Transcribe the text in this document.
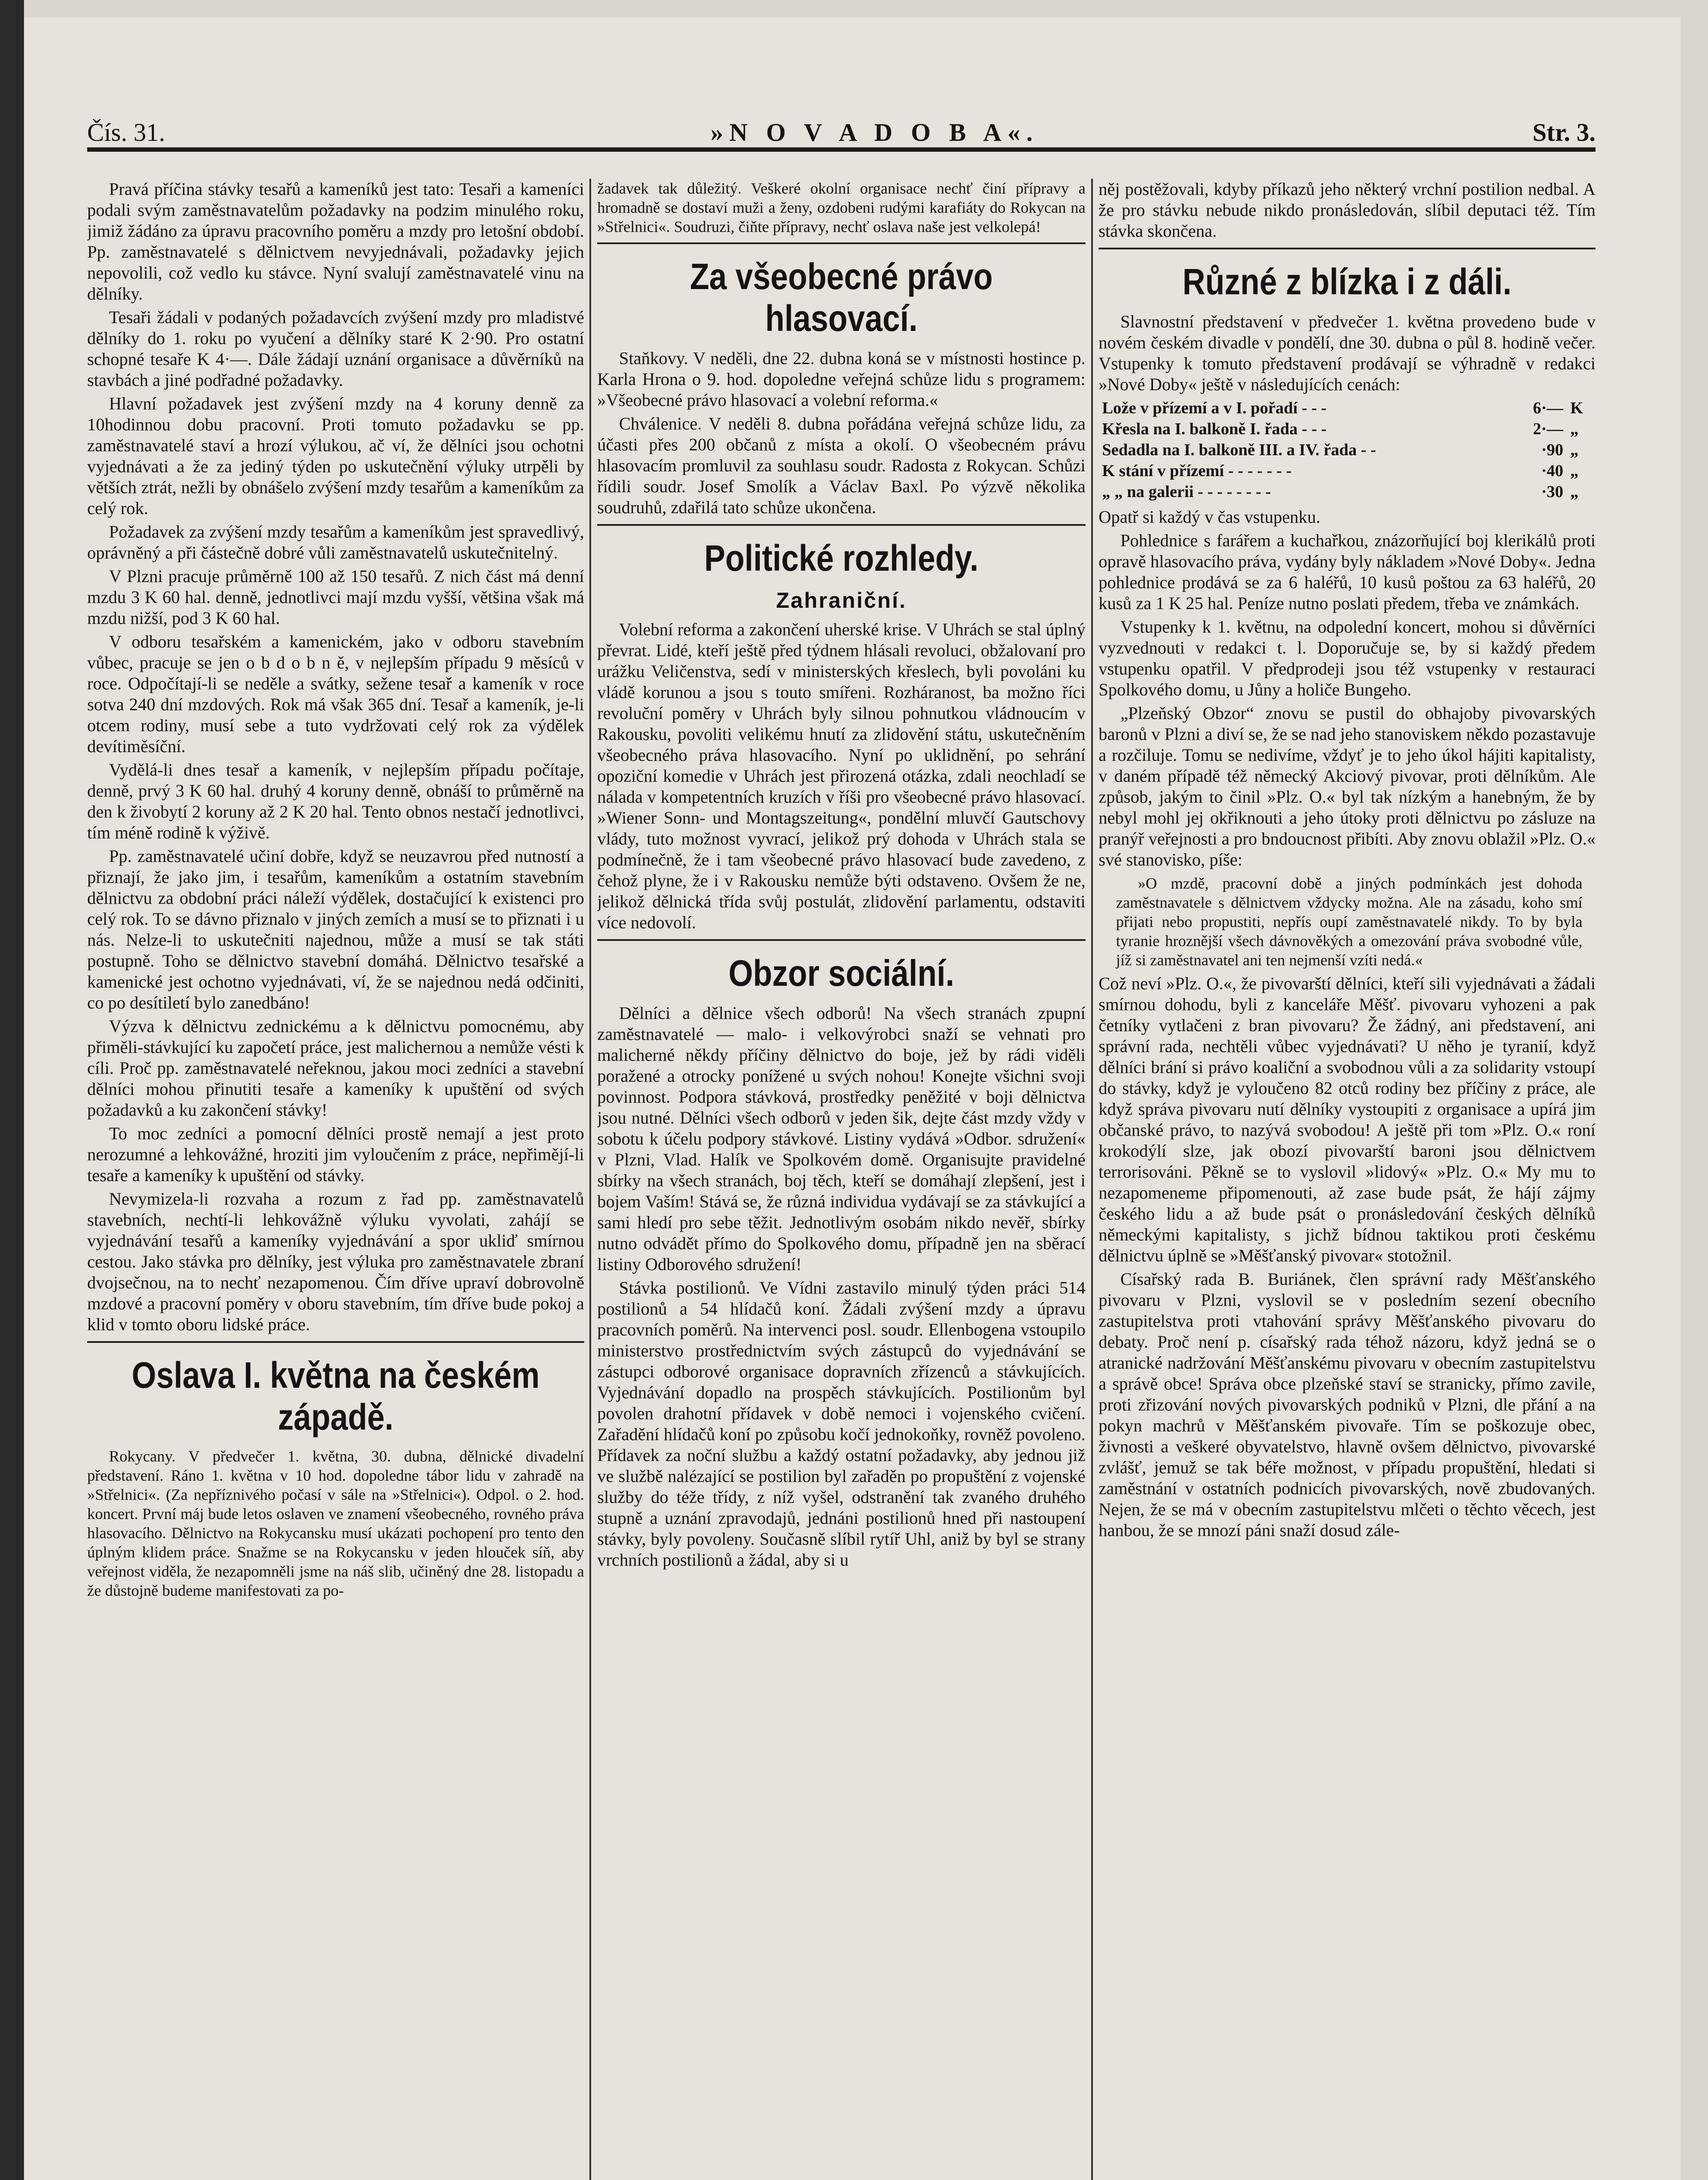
Čís. 31.	»N O V A D O B A«.	Str. 3.

Pravá příčina stávky tesařů a kameníků jest tato: Tesaři a kameníci podali svým zaměstnavatelům požadavky na podzim minulého roku, jimiž žádáno za úpravu pracovního poměru a mzdy pro letošní období. Pp. zaměstnavatelé s dělnictvem nevyjednávali, požadavky jejich nepovolili, což vedlo ku stávce. Nyní svalují zaměstnavatelé vinu na dělníky.

Tesaři žádali v podaných požadavcích zvýšení mzdy pro mladistvé dělníky do 1. roku po vyučení a dělníky staré K 2·90. Pro ostatní schopné tesaře K 4·—. Dále žádají uznání organisace a důvěrníků na stavbách a jiné podřadné požadavky.

Hlavní požadavek jest zvýšení mzdy na 4 koruny denně za 10hodinnou dobu pracovní. Proti tomuto požadavku se pp. zaměstnavatelé staví a hrozí výlukou, ač ví, že dělníci jsou ochotni vyjednávati a že za jediný týden po uskutečnění výluky utrpěli by větších ztrát, nežli by obnášelo zvýšení mzdy tesařům a kameníkům za celý rok.

Požadavek za zvýšení mzdy tesařům a kameníkům jest spravedlivý, oprávněný a při částečně dobré vůli zaměstnavatelů uskutečnitelný.

V Plzni pracuje průměrně 100 až 150 tesařů. Z nich část má denní mzdu 3 K 60 hal. denně, jednotlivci mají mzdu vyšší, většina však má mzdu nižší, pod 3 K 60 hal.

V odboru tesařském a kamenickém, jako v odboru stavebním vůbec, pracuje se jen o b d o b n ě, v nejlepším případu 9 měsíců v roce. Odpočítají-li se neděle a svátky, sežene tesař a kameník v roce sotva 240 dní mzdových. Rok má však 365 dní. Tesař a kameník, je-li otcem rodiny, musí sebe a tuto vydržovati celý rok za výdělek devítiměsíční.

Vydělá-li dnes tesař a kameník, v nejlepším případu počítaje, denně, prvý 3 K 60 hal. druhý 4 koruny denně, obnáší to průměrně na den k živobytí 2 koruny až 2 K 20 hal. Tento obnos nestačí jednotlivci, tím méně rodině k výživě.

Pp. zaměstnavatelé učiní dobře, když se neuzavrou před nutností a přiznají, že jako jim, i tesařům, kameníkům a ostatním stavebním dělnictvu za obdobní práci náleží výdělek, dostačující k existenci pro celý rok. To se dávno přiznalo v jiných zemích a musí se to přiznati i u nás. Nelze-li to uskutečniti najednou, může a musí se tak státi postupně. Toho se dělnictvo stavební domáhá. Dělnictvo tesařské a kamenické jest ochotno vyjednávati, ví, že se najednou nedá odčiniti, co po desítiletí bylo zanedbáno!

Výzva k dělnictvu zednickému a k dělnictvu pomocnému, aby přiměli-stávkující ku započetí práce, jest malichernou a nemůže vésti k cíli. Proč pp. zaměstnavatelé neřeknou, jakou moci zedníci a stavební dělníci mohou přinutiti tesaře a kameníky k upuštění od svých požadavků a ku zakončení stávky!

To moc zedníci a pomocní dělníci prostě nemají a jest proto nerozumné a lehkovážné, hroziti jim vyloučením z práce, nepřimějí-li tesaře a kameníky k upuštění od stávky.

Nevymizela-li rozvaha a rozum z řad pp. zaměstnavatelů stavebních, nechtí-li lehkovážně výluku vyvolati, zahájí se vyjednávání tesařů a kameníky vyjednávání a spor ukliď smírnou cestou. Jako stávka pro dělníky, jest výluka pro zaměstnavatele zbraní dvojsečnou, na to nechť nezapomenou. Čím dříve upraví dobrovolně mzdové a pracovní poměry v oboru stavebním, tím dříve bude pokoj a klid v tomto oboru lidské práce.

Oslava I. května na českém západě.

Rokycany. V předvečer 1. května, 30. dubna, dělnické divadelní představení. Ráno 1. května v 10 hod. dopoledne tábor lidu v zahradě na »Střelnici«. (Za nepříznivého počasí v sále na »Střelnici«). Odpol. o 2. hod. koncert. První máj bude letos oslaven ve znamení všeobecného, rovného práva hlasovacího. Dělnictvo na Rokycansku musí ukázati pochopení pro tento den úplným klidem práce. Snažme se na Rokycansku v jeden hlouček síň, aby veřejnost viděla, že nezapomněli jsme na náš slib, učiněný dne 28. listopadu a že důstojně budeme manifestovati za po-

žadavek tak důležitý. Veškeré okolní organisace nechť činí přípravy a hromadně se dostaví muži a ženy, ozdobeni rudými karafiáty do Rokycan na »Střelnici«. Soudruzi, čiňte přípravy, nechť oslava naše jest velkolepá!

Za všeobecné právo hlasovací.

Staňkovy. V neděli, dne 22. dubna koná se v místnosti hostince p. Karla Hrona o 9. hod. dopoledne veřejná schůze lidu s programem: »Všeobecné právo hlasovací a volební reforma.«

Chválenice. V neděli 8. dubna pořádána veřejná schůze lidu, za účasti přes 200 občanů z místa a okolí. O všeobecném právu hlasovacím promluvil za souhlasu soudr. Radosta z Rokycan. Schůzi řídili soudr. Josef Smolík a Václav Baxl. Po výzvě několika soudruhů, zdařilá tato schůze ukončena.

Politické rozhledy.
Zahraniční.

Volební reforma a zakončení uherské krise. V Uhrách se stal úplný převrat. Lidé, kteří ještě před týdnem hlásali revoluci, obžalovaní pro urážku Veličenstva, sedí v ministerských křeslech, byli povoláni ku vládě korunou a jsou s touto smířeni. Rozháranost, ba možno říci revoluční poměry v Uhrách byly silnou pohnutkou vládnoucím v Rakousku, povoliti velikému hnutí za zlidovění státu, uskutečněním všeobecného práva hlasovacího. Nyní po uklidnění, po sehrání opoziční komedie v Uhrách jest přirozená otázka, zdali neochladí se nálada v kompetentních kruzích v říši pro všeobecné právo hlasovací. »Wiener Sonn- und Montagszeitung«, pondělní mluvčí Gautschovy vlády, tuto možnost vyvrací, jelikož prý dohoda v Uhrách stala se podmínečně, že i tam všeobecné právo hlasovací bude zavedeno, z čehož plyne, že i v Rakousku nemůže býti odstaveno. Ovšem že ne, jelikož dělnická třída svůj postulát, zlidovění parlamentu, odstaviti více nedovolí.

Obzor sociální.

Dělníci a dělnice všech odborů! Na všech stranách zpupní zaměstnavatelé — malo- i velkovýrobci snaží se vehnati pro malicherné někdy příčiny dělnictvo do boje, jež by rádi viděli poražené a otrocky ponížené u svých nohou! Konejte všichni svoji povinnost. Podpora stávková, prostředky peněžité v boji dělnictva jsou nutné. Dělníci všech odborů v jeden šik, dejte část mzdy vždy v sobotu k účelu podpory stávkové. Listiny vydává »Odbor. sdružení« v Plzni, Vlad. Halík ve Spolkovém domě. Organisujte pravidelné sbírky na všech stranách, boj těch, kteří se domáhají zlepšení, jest i bojem Vaším! Stává se, že různá individua vydávají se za stávkující a sami hledí pro sebe těžit. Jednotlivým osobám nikdo nevěř, sbírky nutno odvádět přímo do Spolkového domu, případně jen na sběrací listiny Odborového sdružení!

Stávka postilionů. Ve Vídni zastavilo minulý týden práci 514 postilionů a 54 hlídačů koní. Žádali zvýšení mzdy a úpravu pracovních poměrů. Na intervenci posl. soudr. Ellenbogena vstoupilo ministerstvo prostřednictvím svých zástupců do vyjednávání se zástupci odborové organisace dopravních zřízenců a stávkujících. Vyjednávání dopadlo na prospěch stávkujících. Postilionům byl povolen drahotní přídavek v době nemoci i vojenského cvičení. Zařadění hlídačů koní po způsobu kočí jednokoňky, rovněž povoleno. Přídavek za noční službu a každý ostatní požadavky, aby jednou již ve službě nalézající se postilion byl zařaděn po propuštění z vojenské služby do téže třídy, z níž vyšel, odstranění tak zvaného druhého stupně a uznání zpravodajů, jednáni postilionů hned při nastoupení stávky, byly povoleny. Současně slíbil rytíř Uhl, aniž by byl se strany vrchních postilionů a žádal, aby si u

něj postěžovali, kdyby příkazů jeho některý vrchní postilion nedbal. A že pro stávku nebude nikdo pronásledován, slíbil deputaci též. Tím stávka skončena.

Různé z blízka i z dáli.

Slavnostní představení v předvečer 1. května provedeno bude v novém českém divadle v pondělí, dne 30. dubna o půl 8. hodině večer. Vstupenky k tomuto představení prodávají se výhradně v redakci »Nové Doby« ještě v následujících cenách:

Lože v přízemí a v I. pořadí - - -	6·—	K
Křesla na I. balkoně I. řada - - -	2·—	„
Sedadla na I. balkoně III. a IV. řada - -	·90	„
K stání v přízemí - - - - - - -	·40	„
„ „ na galerii - - - - - - - -	·30	„

Opatř si každý v čas vstupenku.

Pohlednice s farářem a kuchařkou, znázorňující boj klerikálů proti opravě hlasovacího práva, vydány byly nákladem »Nové Doby«. Jedna pohlednice prodává se za 6 haléřů, 10 kusů poštou za 63 haléřů, 20 kusů za 1 K 25 hal. Peníze nutno poslati předem, třeba ve známkách.

Vstupenky k 1. květnu, na odpolední koncert, mohou si důvěrníci vyzvednouti v redakci t. l. Doporučuje se, by si každý předem vstupenku opatřil. V předprodeji jsou též vstupenky v restauraci Spolkového domu, u Jůny a holiče Bungeho.

„Plzeňský Obzor“ znovu se pustil do obhajoby pivovarských baronů v Plzni a diví se, že se nad jeho stanoviskem někdo pozastavuje a rozčiluje. Tomu se nedivíme, vždyť je to jeho úkol hájiti kapitalisty, v daném případě též německý Akciový pivovar, proti dělníkům. Ale způsob, jakým to činil »Plz. O.« byl tak nízkým a hanebným, že by nebyl mohl jej okřiknouti a jeho útoky proti dělnictvu po zásluze na pranýř veřejnosti a pro bndoucnost přibíti. Aby znovu oblažil »Plz. O.« své stanovisko, píše:

»O mzdě, pracovní době a jiných podmínkách jest dohoda zaměstnavatele s dělnictvem vždycky možna. Ale na zásadu, koho smí přijati nebo propustiti, nepřís oupí zaměstnavatelé nikdy. To by byla tyranie hroznější všech dávnověkých a omezování práva svobodné vůle, jíž si zaměstnavatel ani ten nejmenší vzíti nedá.«

Což neví »Plz. O.«, že pivovarští dělníci, kteří sili vyjednávati a žádali smírnou dohodu, byli z kanceláře Měšť. pivovaru vyhozeni a pak četníky vytlačeni z bran pivovaru? Že žádný, ani představení, ani správní rada, nechtěli vůbec vyjednávati? U něho je tyranií, když dělníci brání si právo koaliční a svobodnou vůli a za solidarity vstoupí do stávky, když je vyloučeno 82 otců rodiny bez příčiny z práce, ale když správa pivovaru nutí dělníky vystoupiti z organisace a upírá jim občanské právo, to nazývá svobodou! A ještě při tom »Plz. O.« roní krokodýlí slze, jak obozí pivovarští baroni jsou dělnictvem terrorisováni. Pěkně se to vyslovil »lidový« »Plz. O.« My mu to nezapomeneme připomenouti, až zase bude psát, že hájí zájmy českého lidu a až bude psát o pronásledování českých dělníků německými kapitalisty, s jichž bídnou taktikou proti českému dělnictvu úplně se »Měšťanský pivovar« stotožnil.

Císařský rada B. Buriánek, člen správní rady Měšťanského pivovaru v Plzni, vyslovil se v posledním sezení obecního zastupitelstva proti vtahování správy Měšťanského pivovaru do debaty. Proč není p. císařský rada téhož názoru, když jedná se o atranické nadržování Měšťanskému pivovaru v obecním zastupitelstvu a správě obce! Správa obce plzeňské staví se stranicky, přímo zavile, proti zřizování nových pivovarských podniků v Plzni, dle přání a na pokyn machrů v Měšťanském pivovaře. Tím se poškozuje obec, živnosti a veškeré obyvatelstvo, hlavně ovšem dělnictvo, pivovarské zvlášť, jemuž se tak béře možnost, v případu propuštění, hledati si zaměstnání v ostatních podnicích pivovarských, nově zbudovaných. Nejen, že se má v obecním zastupitelstvu mlčeti o těchto věcech, jest hanbou, že se mnozí páni snaží dosud zále-
